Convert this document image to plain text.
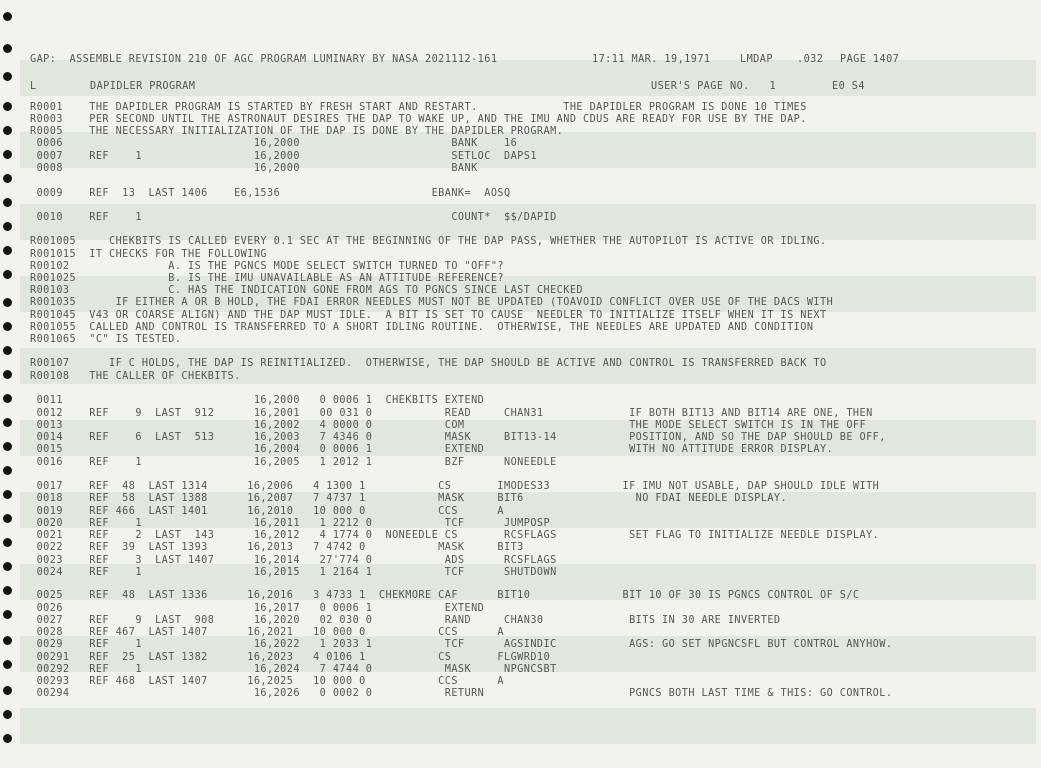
GAP:  ASSEMBLE REVISION 210 OF AGC PROGRAM LUMINARY BY NASA 2021112-161	17:11 MAR. 19,1971	LMDAP .032 PAGE 1407
L	DAPIDLER PROGRAM	USER'S PAGE NO.   1	E0 S4
R0001    THE DAPIDLER PROGRAM IS STARTED BY FRESH START AND RESTART.             THE DAPIDLER PROGRAM IS DONE 10 TIMES
R0003    PER SECOND UNTIL THE ASTRONAUT DESIRES THE DAP TO WAKE UP, AND THE IMU AND CDUS ARE READY FOR USE BY THE DAP.
R0005    THE NECESSARY INITIALIZATION OF THE DAP IS DONE BY THE DAPIDLER PROGRAM.
0006                             16,2000                       BANK    16
0007    REF    1                 16,2000                       SETLOC  DAPS1
0008                             16,2000                       BANK
0009    REF  13  LAST 1406    E6,1536                       EBANK=  AOSQ
0010    REF    1                                               COUNT*  $$/DAPID
R001005     CHEKBITS IS CALLED EVERY 0.1 SEC AT THE BEGINNING OF THE DAP PASS, WHETHER THE AUTOPILOT IS ACTIVE OR IDLING.
R001015  IT CHECKS FOR THE FOLLOWING
R00102               A. IS THE PGNCS MODE SELECT SWITCH TURNED TO "OFF"?
R001025              B. IS THE IMU UNAVAILABLE AS AN ATTITUDE REFERENCE?
R00103               C. HAS THE INDICATION GONE FROM AGS TO PGNCS SINCE LAST CHECKED
R001035      IF EITHER A OR B HOLD, THE FDAI ERROR NEEDLES MUST NOT BE UPDATED (TOAVOID CONFLICT OVER USE OF THE DACS WITH
R001045  V43 OR COARSE ALIGN) AND THE DAP MUST IDLE.  A BIT IS SET TO CAUSE  NEEDLER TO INITIALIZE ITSELF WHEN IT IS NEXT
R001055  CALLED AND CONTROL IS TRANSFERRED TO A SHORT IDLING ROUTINE.  OTHERWISE, THE NEEDLES ARE UPDATED AND CONDITION
R001065  "C" IS TESTED.
R00107      IF C HOLDS, THE DAP IS REINITIALIZED.  OTHERWISE, THE DAP SHOULD BE ACTIVE AND CONTROL IS TRANSFERRED BACK TO
R00108   THE CALLER OF CHEKBITS.
0011                             16,2000   0 0006 1  CHEKBITS EXTEND
0012    REF    9  LAST  912      16,2001   00 031 0           READ     CHAN31             IF BOTH BIT13 AND BIT14 ARE ONE, THEN
0013                             16,2002   4 0000 0           COM                         THE MODE SELECT SWITCH IS IN THE OFF
0014    REF    6  LAST  513      16,2003   7 4346 0           MASK     BIT13-14           POSITION, AND SO THE DAP SHOULD BE OFF,
0015                             16,2004   0 0006 1           EXTEND                      WITH NO ATTITUDE ERROR DISPLAY.
0016    REF    1                 16,2005   1 2012 1           BZF      NONEEDLE
0017    REF  48  LAST 1314      16,2006   4 1300 1           CS       IMODES33           IF IMU NOT USABLE, DAP SHOULD IDLE WITH
0018    REF  58  LAST 1388      16,2007   7 4737 1           MASK     BIT6                 NO FDAI NEEDLE DISPLAY.
0019    REF 466  LAST 1401      16,2010   10 000 0           CCS      A
0020    REF    1                 16,2011   1 2212 0           TCF      JUMPOSP
0021    REF    2  LAST  143      16,2012   4 1774 0  NONEEDLE CS       RCSFLAGS           SET FLAG TO INITIALIZE NEEDLE DISPLAY.
0022    REF  39  LAST 1393      16,2013   7 4742 0           MASK     BIT3
0023    REF    3  LAST 1407      16,2014   27'774 0           ADS      RCSFLAGS
0024    REF    1                 16,2015   1 2164 1           TCF      SHUTDOWN
0025    REF  48  LAST 1336      16,2016   3 4733 1  CHEKMORE CAF      BIT10              BIT 10 OF 30 IS PGNCS CONTROL OF S/C
0026                             16,2017   0 0006 1           EXTEND
0027    REF    9  LAST  908      16,2020   02 030 0           RAND     CHAN30             BITS IN 30 ARE INVERTED
0028    REF 467  LAST 1407      16,2021   10 000 0           CCS      A
0029    REF    1                 16,2022   1 2033 1           TCF      AGSINDIC           AGS: GO SET NPGNCSFL BUT CONTROL ANYHOW.
00291   REF  25  LAST 1382      16,2023   4 0106 1           CS       FLGWRD10
00292   REF    1                 16,2024   7 4744 0           MASK     NPGNCSBT
00293   REF 468  LAST 1407      16,2025   10 000 0           CCS      A
00294                            16,2026   0 0002 0           RETURN                      PGNCS BOTH LAST TIME & THIS: GO CONTROL.
